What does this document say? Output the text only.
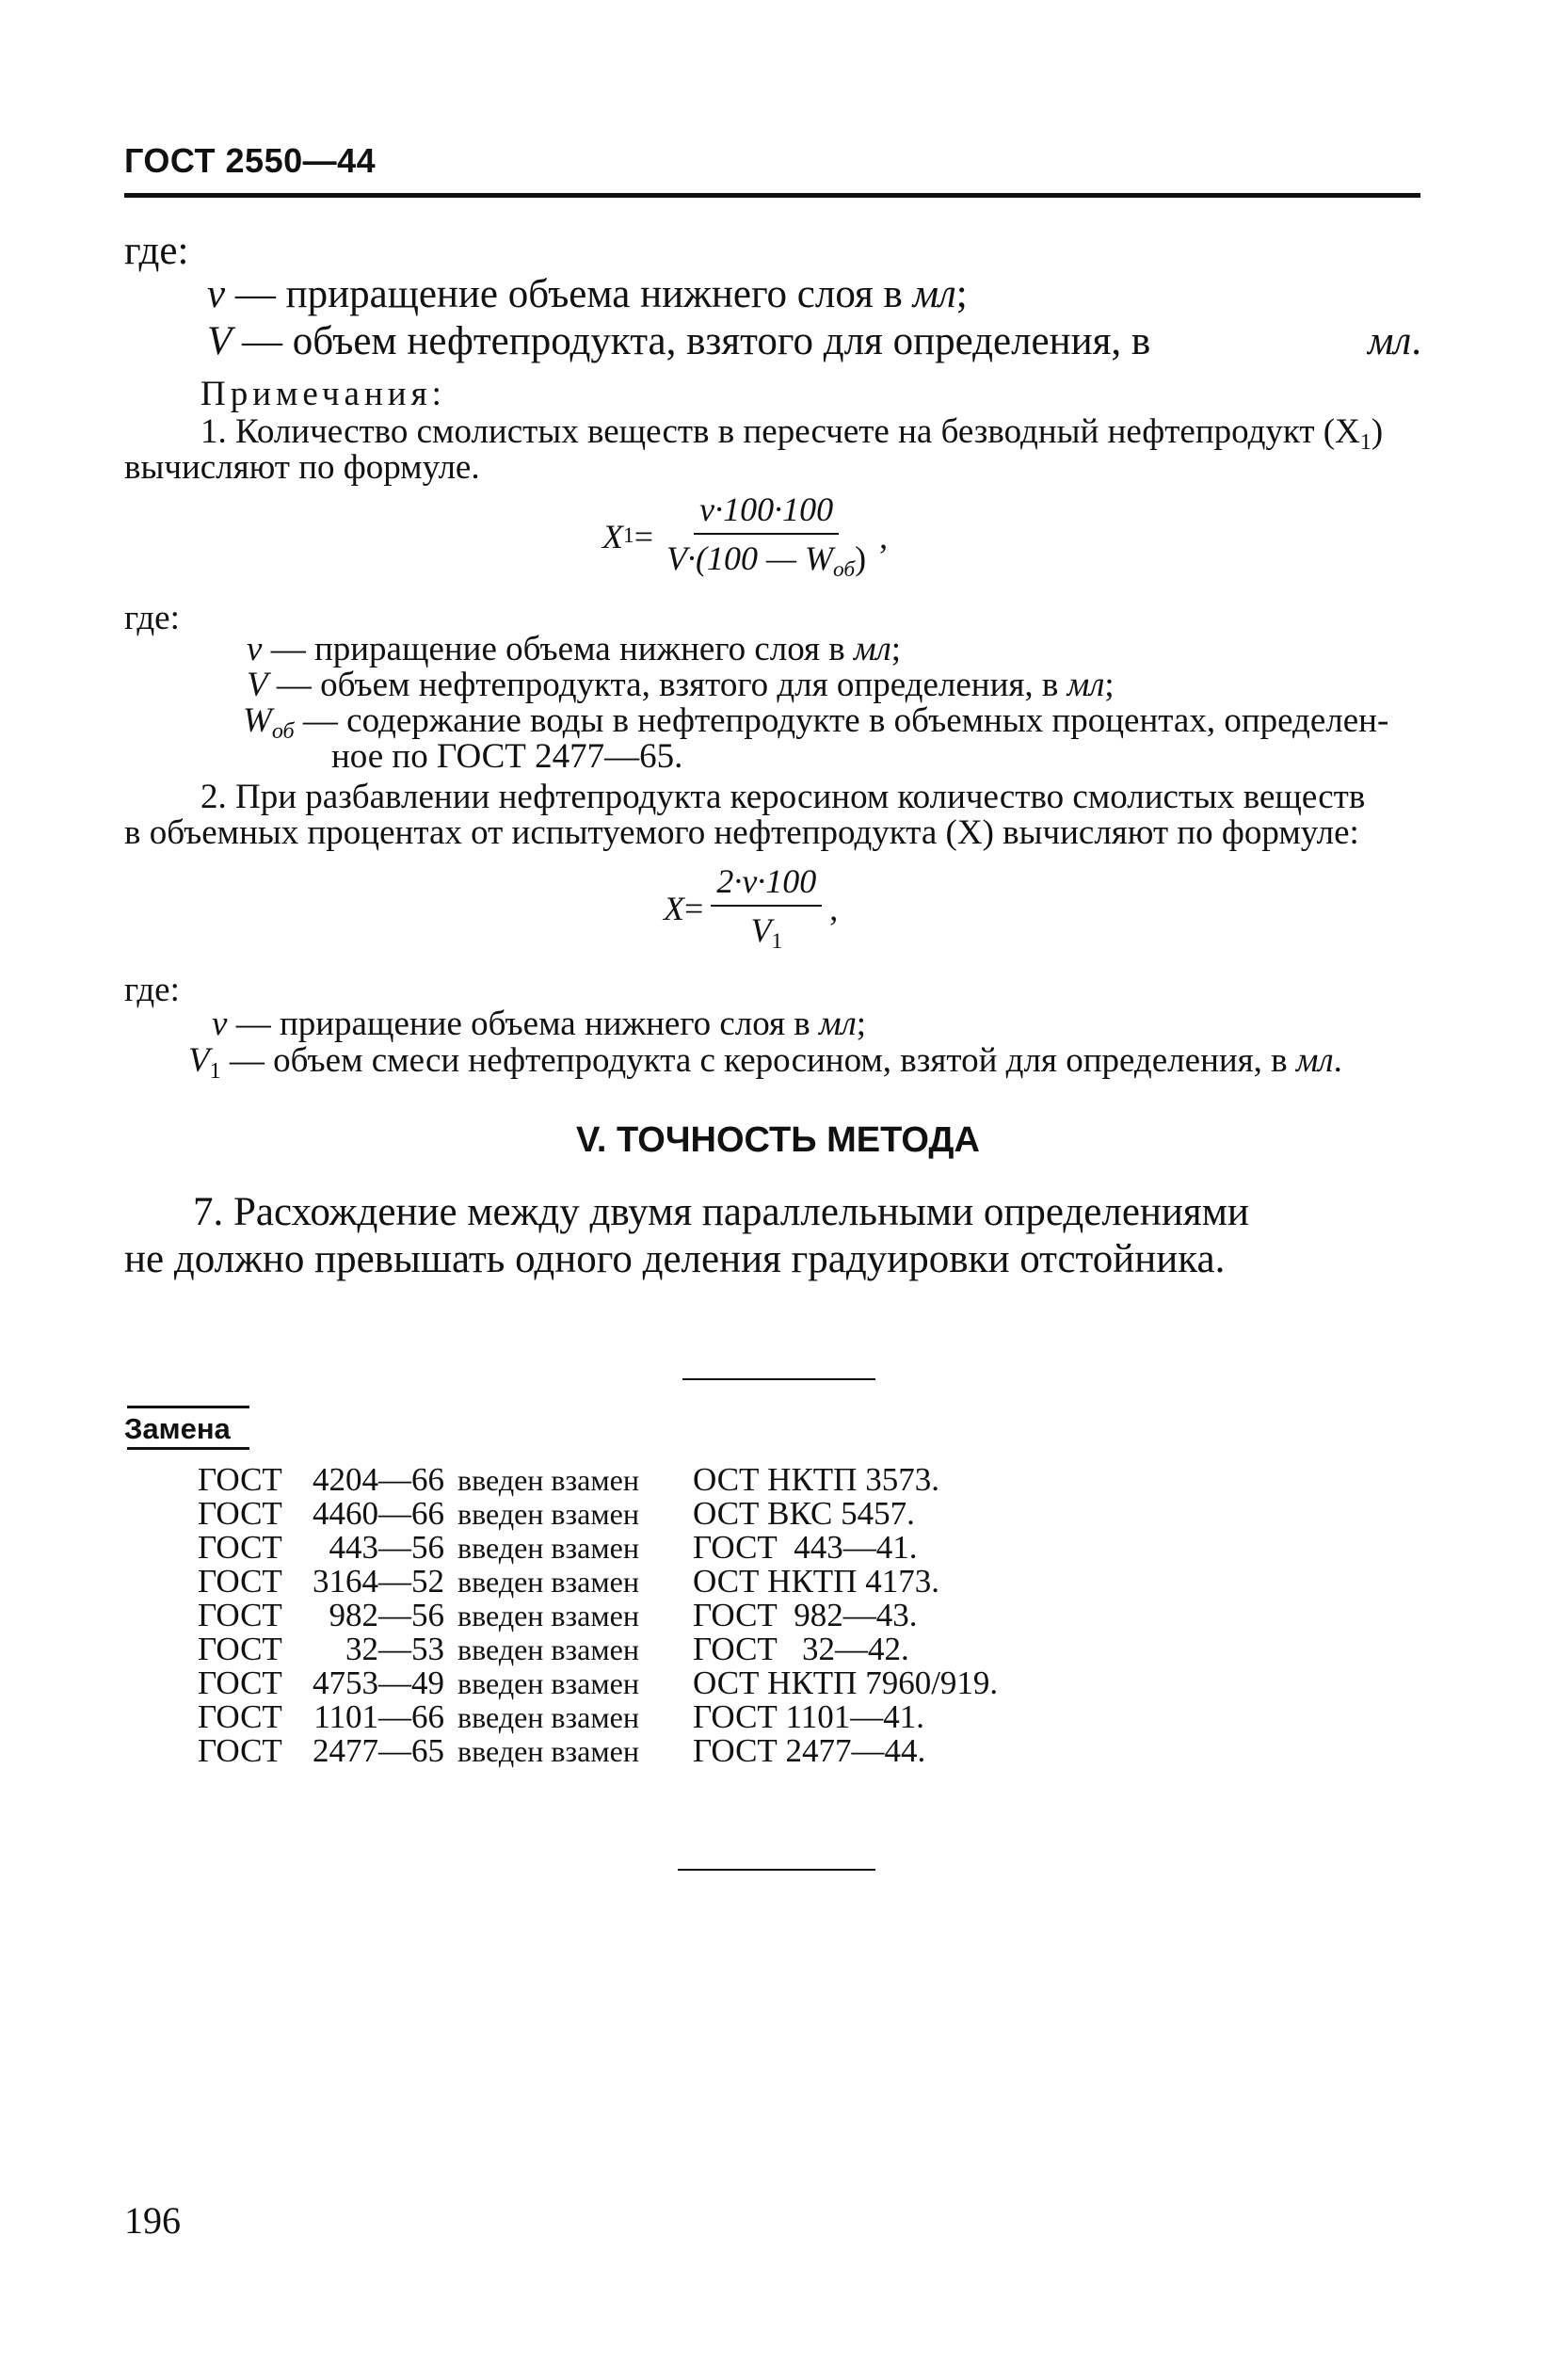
ГОСТ 2550—44
где:
v — приращение объема нижнего слоя в мл;
V — объем нефтепродукта, взятого для определения, в	мл.
Примечания:
1. Количество смолистых веществ в пересчете на безводный нефтепродукт $(X_1)$
вычисляют по формуле.
X $1 = \frac{v\cdot 100\cdot 100}{V\cdot(100 — W_{об})}$ ,
где:
v — приращение объема нижнего слоя в мл;
V — объем нефтепродукта, взятого для определения, в мл;
$W_{об}$ — содержание воды в нефтепродукте в объемных процентах, определен-
ное по ГОСТ 2477—65.
2. При разбавлении нефтепродукта керосином количество смолистых веществ
в объемных процентах от испытуемого нефтепродукта (X) вычисляют по формуле:
$X = \frac{2\cdot v\cdot 100}{V_1}$ ,
где:
v — приращение объема нижнего слоя в мл;
$V_1$ — объем смеси нефтепродукта с керосином, взятой для определения, в мл.
V. ТОЧНОСТЬ МЕТОДА
7. Расхождение между двумя параллельными определениями
не должно превышать одного деления градуировки отстойника.
Замена
ГОСТ 4204—66 введен взамен	ОСТ НКТП 3573.
ГОСТ 4460—66 введен взамен	ОСТ ВКС 5457.
ГОСТ	443—56 введен взамен	ГОСТ  443—41.
ГОСТ 3164—52 введен взамен	ОСТ НКТП 4173.
ГОСТ	982—56 введен взамен	ГОСТ  982—43.
ГОСТ	32—53 введен взамен	ГОСТ   32—42.
ГОСТ 4753—49 введен взамен	ОСТ НКТП 7960/919.
ГОСТ 1101—66 введен взамен	ГОСТ 1101—41.
ГОСТ 2477—65 введен взамен	ГОСТ 2477—44.
196
